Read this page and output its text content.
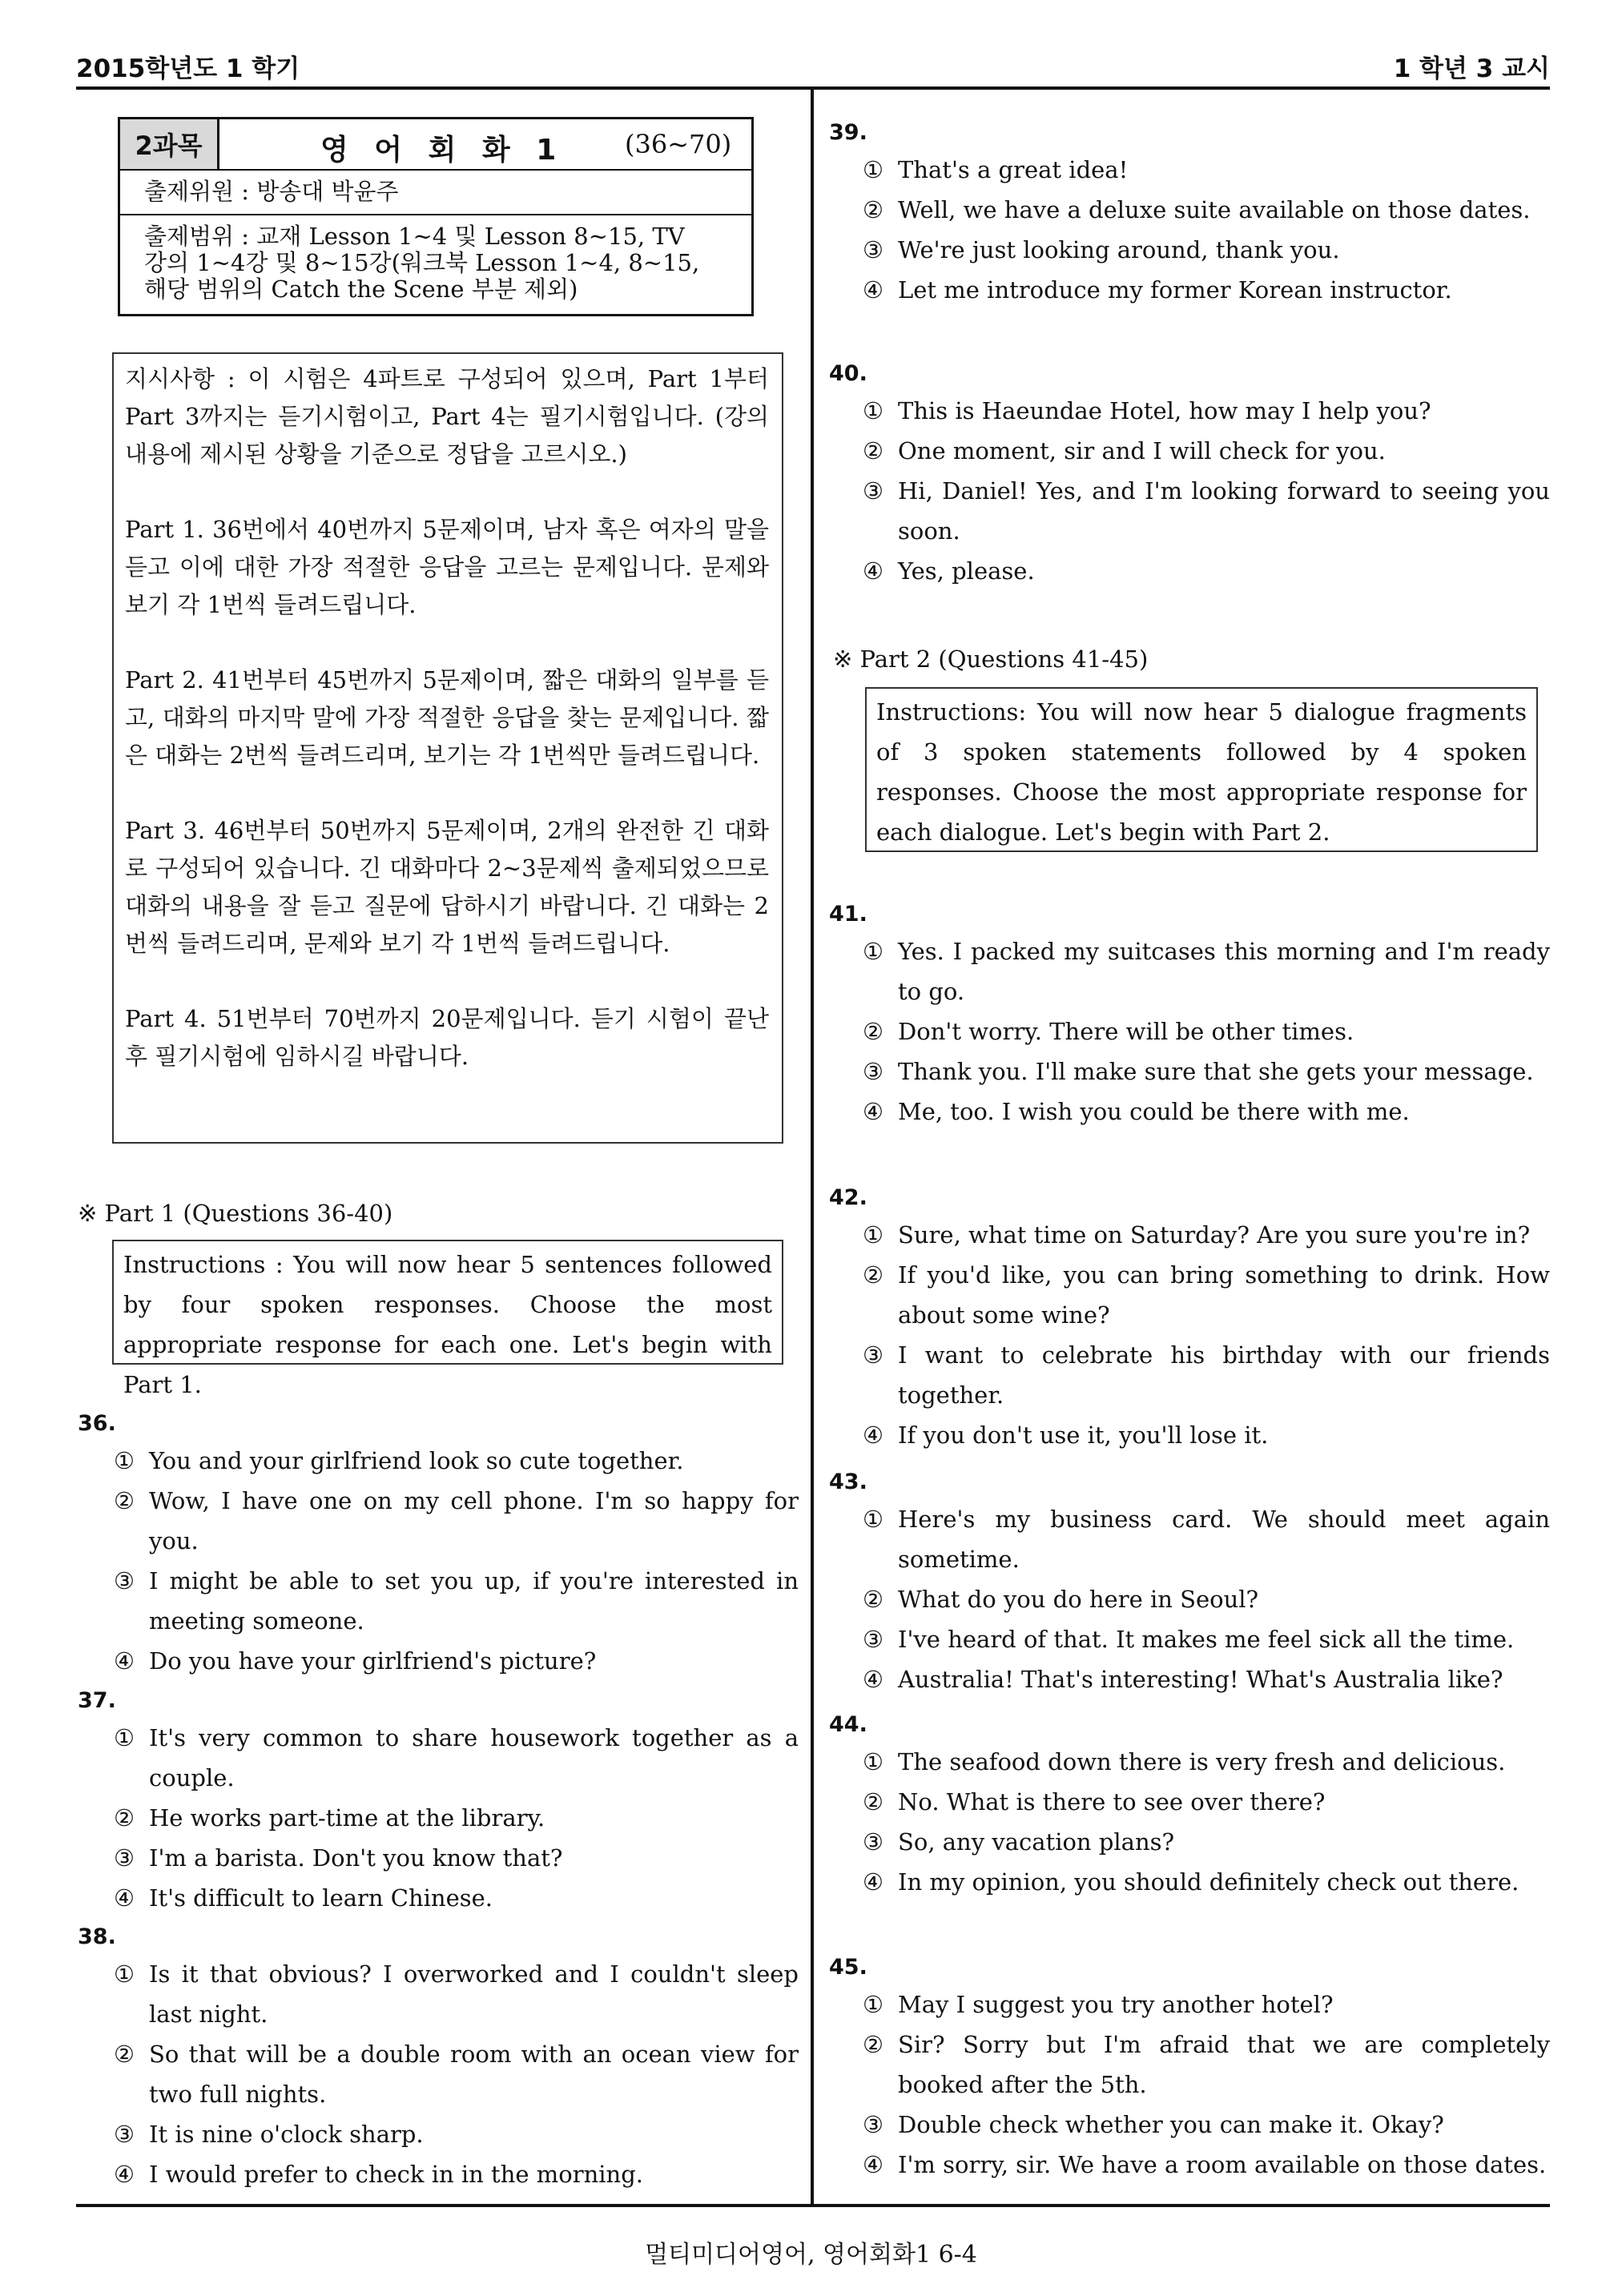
2015학년도 1 학기	1 학년 3 교시
2과목	영 어 회 화 1 (36~70)
출제위원 : 방송대 박윤주
출제범위 : 교재 Lesson 1~4 및 Lesson 8~15, TV
강의 1~4강 및 8~15강(워크북 Lesson 1~4, 8~15,
해당 범위의 Catch the Scene 부분 제외)

지시사항 : 이 시험은 4파트로 구성되어 있으며, Part 1부터 Part 3까지는 듣기시험이고, Part 4는 필기시험입니다. (강의 내용에 제시된 상황을 기준으로 정답을 고르시오.)

Part 1. 36번에서 40번까지 5문제이며, 남자 혹은 여자의 말을 듣고 이에 대한 가장 적절한 응답을 고르는 문제입니다. 문제와 보기 각 1번씩 들려드립니다.

Part 2. 41번부터 45번까지 5문제이며, 짧은 대화의 일부를 듣고, 대화의 마지막 말에 가장 적절한 응답을 찾는 문제입니다. 짧은 대화는 2번씩 들려드리며, 보기는 각 1번씩만 들려드립니다.

Part 3. 46번부터 50번까지 5문제이며, 2개의 완전한 긴 대화로 구성되어 있습니다. 긴 대화마다 2~3문제씩 출제되었으므로 대화의 내용을 잘 듣고 질문에 답하시기 바랍니다. 긴 대화는 2번씩 들려드리며, 문제와 보기 각 1번씩 들려드립니다.

Part 4. 51번부터 70번까지 20문제입니다. 듣기 시험이 끝난 후 필기시험에 임하시길 바랍니다.

※ Part 1 (Questions 36-40)
Instructions : You will now hear 5 sentences followed by four spoken responses. Choose the most appropriate response for each one. Let's begin with Part 1.
36.
① You and your girlfriend look so cute together.
② Wow, I have one on my cell phone. I'm so happy for you.
③ I might be able to set you up, if you're interested in meeting someone.
④ Do you have your girlfriend's picture?
37.
① It's very common to share housework together as a couple.
② He works part-time at the library.
③ I'm a barista. Don't you know that?
④ It's difficult to learn Chinese.
38.
① Is it that obvious? I overworked and I couldn't sleep last night.
② So that will be a double room with an ocean view for two full nights.
③ It is nine o'clock sharp.
④ I would prefer to check in in the morning.
39.
① That's a great idea!
② Well, we have a deluxe suite available on those dates.
③ We're just looking around, thank you.
④ Let me introduce my former Korean instructor.
40.
① This is Haeundae Hotel, how may I help you?
② One moment, sir and I will check for you.
③ Hi, Daniel! Yes, and I'm looking forward to seeing you soon.
④ Yes, please.
※ Part 2 (Questions 41-45)
Instructions: You will now hear 5 dialogue fragments of 3 spoken statements followed by 4 spoken responses. Choose the most appropriate response for each dialogue. Let's begin with Part 2.
41.
① Yes. I packed my suitcases this morning and I'm ready to go.
② Don't worry. There will be other times.
③ Thank you. I'll make sure that she gets your message.
④ Me, too. I wish you could be there with me.
42.
① Sure, what time on Saturday? Are you sure you're in?
② If you'd like, you can bring something to drink. How about some wine?
③ I want to celebrate his birthday with our friends together.
④ If you don't use it, you'll lose it.
43.
① Here's my business card. We should meet again sometime.
② What do you do here in Seoul?
③ I've heard of that. It makes me feel sick all the time.
④ Australia! That's interesting! What's Australia like?
44.
① The seafood down there is very fresh and delicious.
② No. What is there to see over there?
③ So, any vacation plans?
④ In my opinion, you should definitely check out there.
45.
① May I suggest you try another hotel?
② Sir? Sorry but I'm afraid that we are completely booked after the 5th.
③ Double check whether you can make it. Okay?
④ I'm sorry, sir. We have a room available on those dates.
멀티미디어영어, 영어회화1 6-4
